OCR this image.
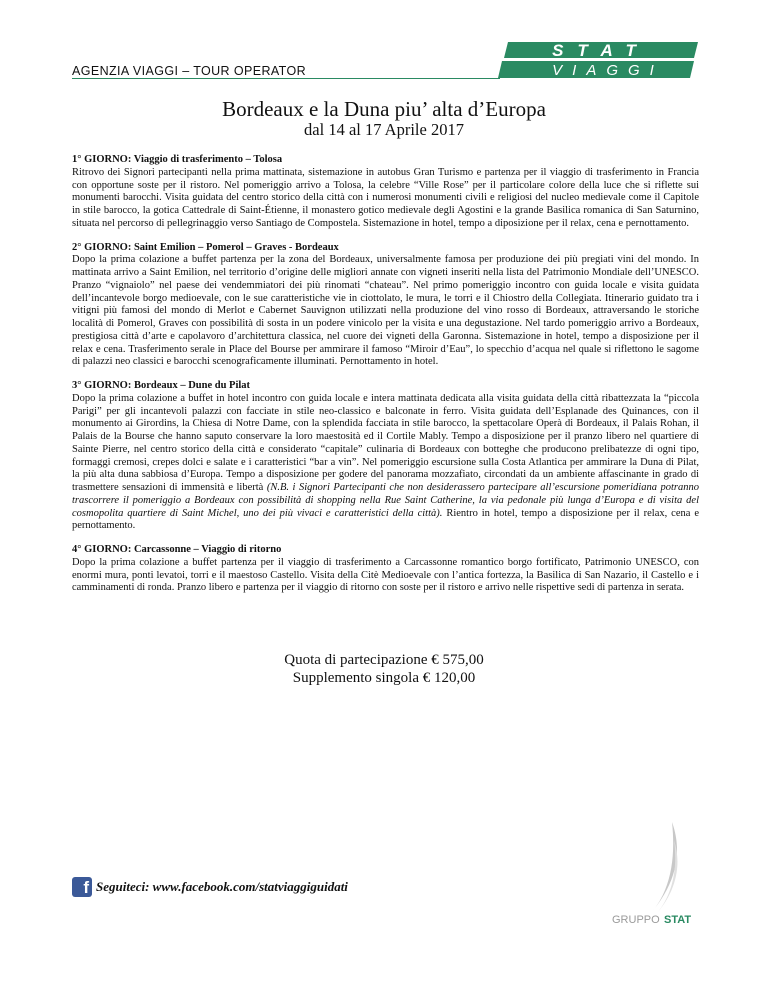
AGENZIA VIAGGI – TOUR OPERATOR
STAT
VIAGGI
Bordeaux e la Duna piu’ alta d’Europa
dal 14 al 17 Aprile 2017
1° GIORNO: Viaggio di trasferimento – Tolosa
Ritrovo dei Signori partecipanti nella prima mattinata, sistemazione in autobus Gran Turismo e partenza per il viaggio di trasferimento in Francia con opportune soste per il ristoro. Nel pomeriggio arrivo a Tolosa, la celebre “Ville Rose” per il particolare colore della luce che si riflette sui monumenti barocchi. Visita guidata del centro storico della città con i numerosi monumenti civili e religiosi del nucleo medievale come il Capitole in stile barocco, la gotica Cattedrale di Saint-Étienne, il monastero gotico medievale degli Agostini e la grande Basilica romanica di San Saturnino, situata nel percorso di pellegrinaggio verso Santiago de Compostela. Sistemazione in hotel, tempo a diposizione per il relax, cena e pernottamento.
2° GIORNO: Saint Emilion – Pomerol – Graves - Bordeaux
Dopo la prima colazione a buffet partenza per la zona del Bordeaux, universalmente famosa per produzione dei più pregiati vini del mondo. In mattinata arrivo a Saint Emilion, nel territorio d’origine delle migliori annate con vigneti inseriti nella lista del Patrimonio Mondiale dell’UNESCO. Pranzo “vignaiolo” nel paese dei vendemmiatori dei più rinomati “chateau”. Nel primo pomeriggio incontro con guida locale e visita guidata dell’incantevole borgo medioevale, con le sue caratteristiche vie in ciottolato, le mura, le torri e il Chiostro della Collegiata. Itinerario guidato tra i vitigni più famosi del mondo di Merlot e Cabernet Sauvignon utilizzati nella produzione del vino rosso di Bordeaux, attraversando le storiche località di Pomerol, Graves con possibilità di sosta in un podere vinicolo per la visita e una degustazione. Nel tardo pomeriggio arrivo a Bordeaux, prestigiosa città d’arte e capolavoro d’architettura classica, nel cuore dei vigneti della Garonna. Sistemazione in hotel, tempo a disposizione per il relax e cena. Trasferimento serale in Place del Bourse per ammirare il famoso “Miroir d’Eau”, lo specchio d’acqua nel quale si riflettono le sagome di palazzi neo classici e barocchi scenograficamente illuminati. Pernottamento in hotel.
3° GIORNO: Bordeaux – Dune du Pilat
Dopo la prima colazione a buffet in hotel incontro con guida locale e intera mattinata dedicata alla visita guidata della città ribattezzata la “piccola Parigi” per gli incantevoli palazzi con facciate in stile neo-classico e balconate in ferro. Visita guidata dell’Esplanade des Quinances, con il monumento ai Girordins, la Chiesa di Notre Dame, con la splendida facciata in stile barocco, la spettacolare Operà di Bordeaux, il Palais Rohan, il Palais de la Bourse che hanno saputo conservare la loro maestosità ed il Cortile Mably. Tempo a disposizione per il pranzo libero nel quartiere di Sainte Pierre, nel centro storico della città e considerato “capitale” culinaria di Bordeaux con botteghe che producono prelibatezze di ogni tipo, formaggi cremosi, crepes dolci e salate e i caratteristici “bar a vin”. Nel pomeriggio escursione sulla Costa Atlantica per ammirare la Duna di Pilat, la più alta duna sabbiosa d’Europa. Tempo a disposizione per godere del panorama mozzafiato, circondati da un ambiente affascinante in grado di trasmettere sensazioni di immensità e libertà (N.B. i Signori Partecipanti che non desiderassero partecipare all’escursione pomeridiana potranno trascorrere il pomeriggio a Bordeaux con possibilità di shopping nella Rue Saint Catherine, la via pedonale più lunga d’Europa e di visita del cosmopolita quartiere di Saint Michel, uno dei più vivaci e caratteristici della città). Rientro in hotel, tempo a disposizione per il relax, cena e pernottamento.
4° GIORNO: Carcassonne – Viaggio di ritorno
Dopo la prima colazione a buffet partenza per il viaggio di trasferimento a Carcassonne romantico borgo fortificato, Patrimonio UNESCO, con enormi mura, ponti levatoi, torri e il maestoso Castello. Visita della Citè Medioevale con l’antica fortezza, la Basilica di San Nazario, il Castello e i camminamenti di ronda. Pranzo libero e partenza per il viaggio di ritorno con soste per il ristoro e arrivo nelle rispettive sedi di partenza in serata.
Quota di partecipazione € 575,00
Supplemento singola € 120,00
f Seguiteci: www.facebook.com/statviaggiguidati
GRUPPO STAT
